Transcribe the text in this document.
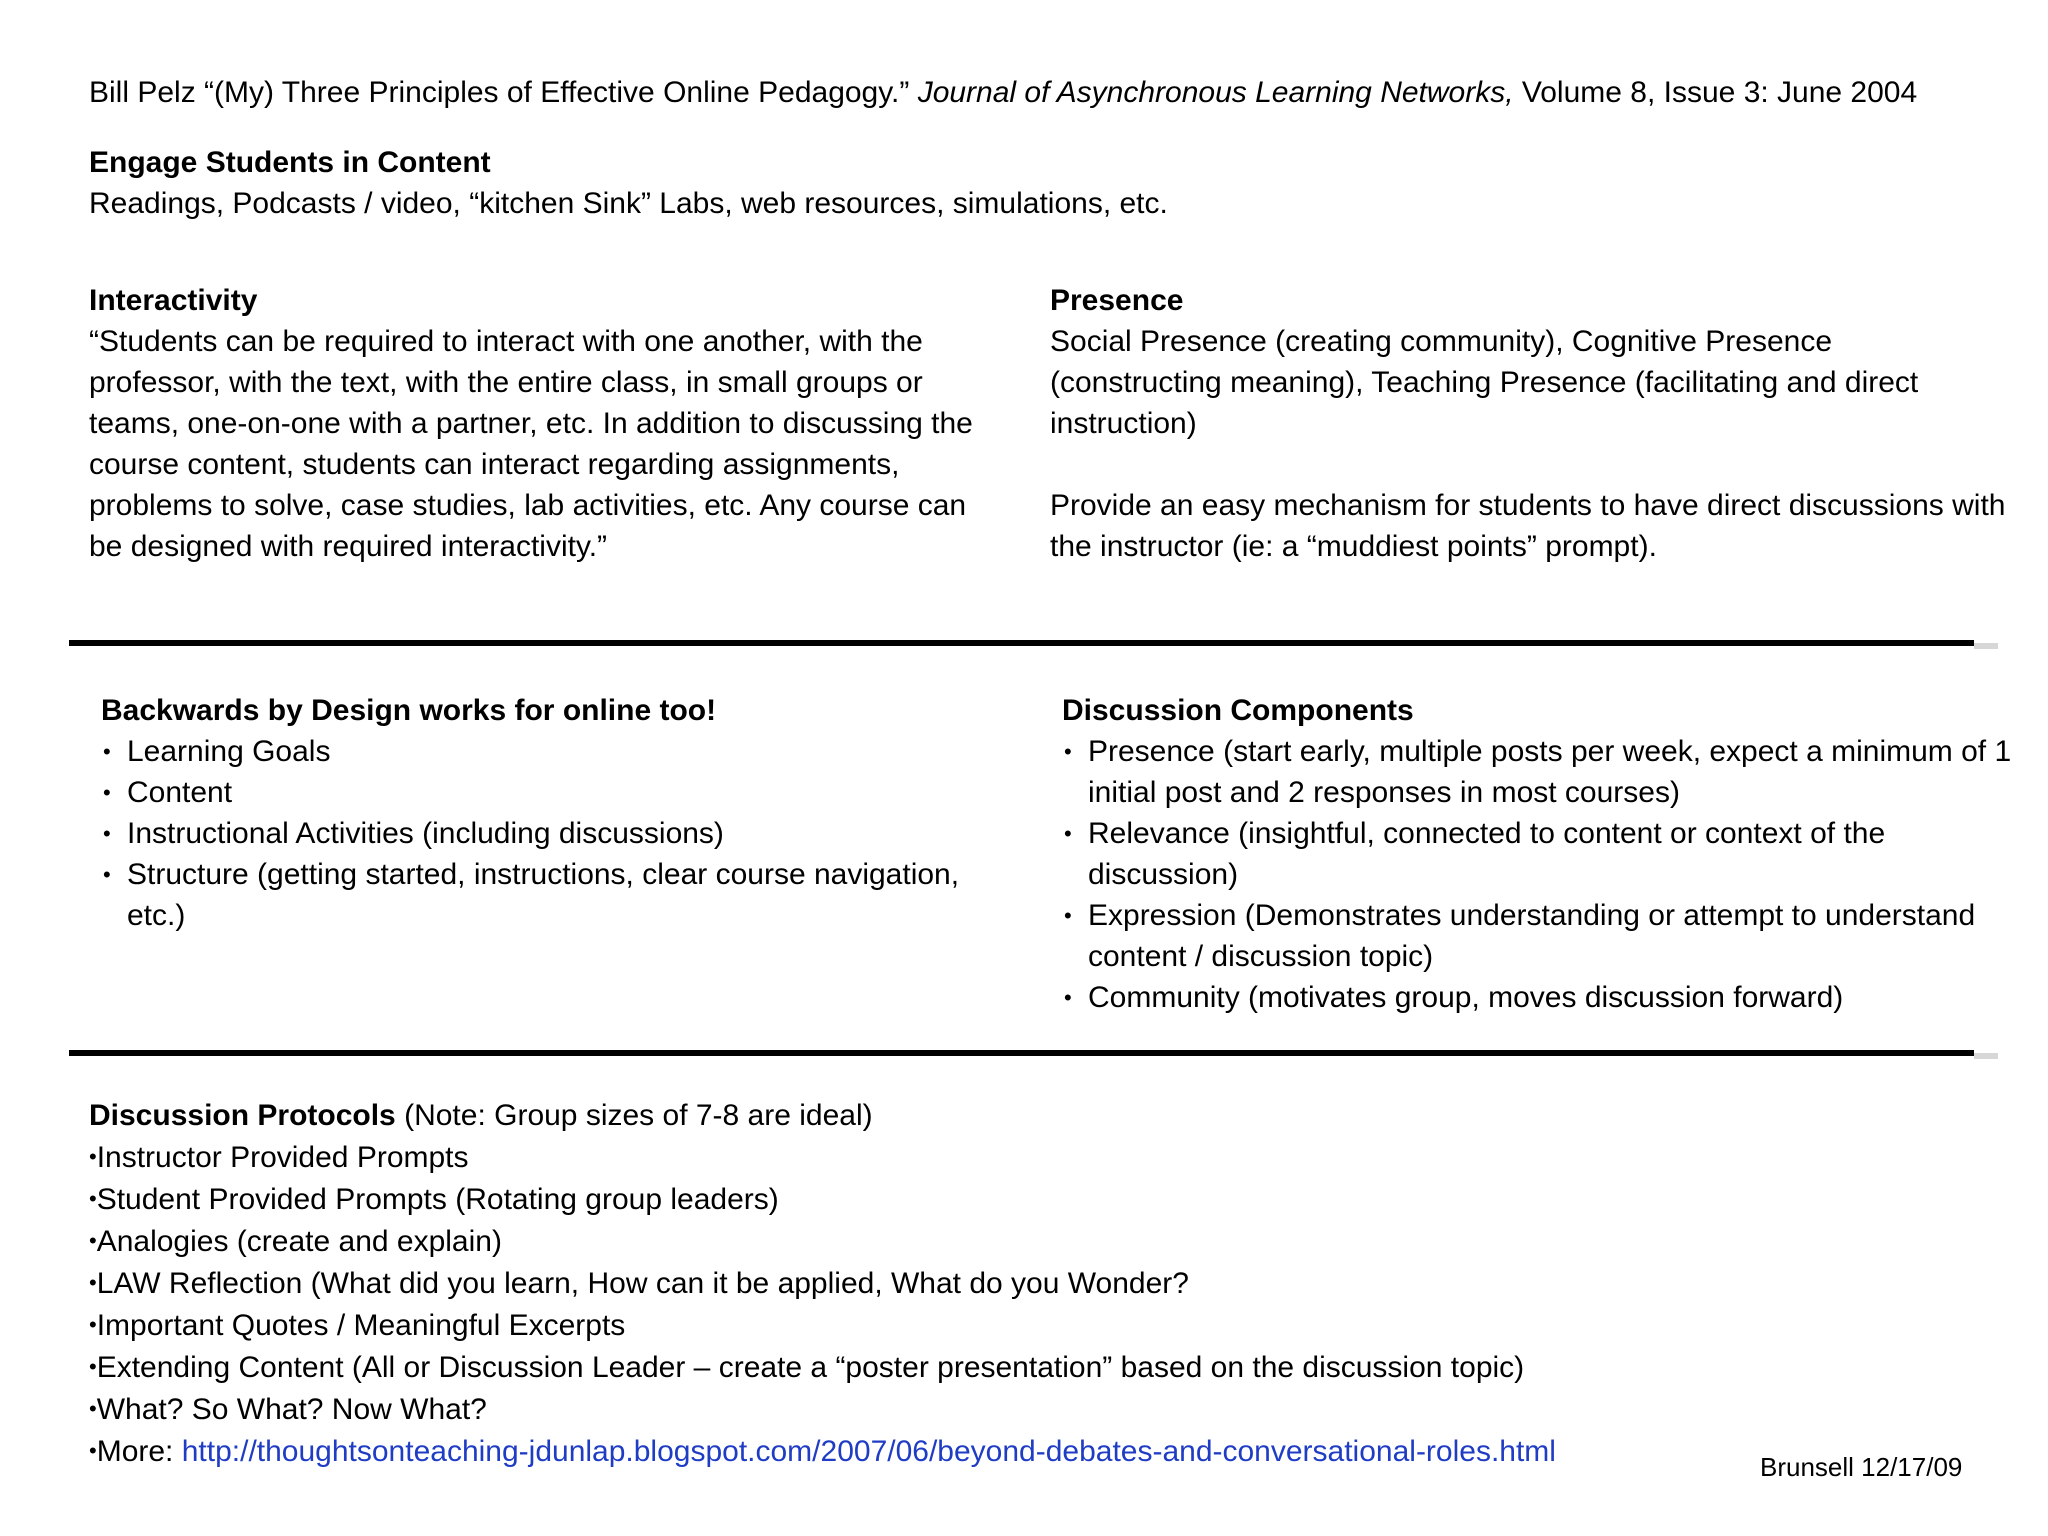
Bill Pelz “(My) Three Principles of Effective Online Pedagogy.” Journal of Asynchronous Learning Networks, Volume 8, Issue 3: June 2004
Engage Students in Content
Readings, Podcasts / video, “kitchen Sink” Labs, web resources, simulations, etc.
Interactivity
“Students can be required to interact with one another, with the professor, with the text, with the entire class, in small groups or teams, one-on-one with a partner, etc. In addition to discussing the course content, students can interact regarding assignments, problems to solve, case studies, lab activities, etc. Any course can be designed with required interactivity.”
Presence
Social Presence (creating community), Cognitive Presence (constructing meaning), Teaching Presence (facilitating and direct instruction)
Provide an easy mechanism for students to have direct discussions with the instructor (ie: a “muddiest points” prompt).
Backwards by Design works for online too!
• Learning Goals
• Content
• Instructional Activities (including discussions)
• Structure (getting started, instructions, clear course navigation, etc.)
Discussion Components
• Presence (start early, multiple posts per week, expect a minimum of 1 initial post and 2 responses in most courses)
• Relevance (insightful, connected to content or context of the discussion)
• Expression (Demonstrates understanding or attempt to understand content / discussion topic)
• Community (motivates group, moves discussion forward)
Discussion Protocols (Note: Group sizes of 7-8 are ideal)
•Instructor Provided Prompts
•Student Provided Prompts (Rotating group leaders)
•Analogies (create and explain)
•LAW Reflection (What did you learn, How can it be applied, What do you Wonder?
•Important Quotes / Meaningful Excerpts
•Extending Content (All or Discussion Leader – create a “poster presentation” based on the discussion topic)
•What? So What? Now What?
•More: http://thoughtsonteaching-jdunlap.blogspot.com/2007/06/beyond-debates-and-conversational-roles.html	Brunsell 12/17/09
